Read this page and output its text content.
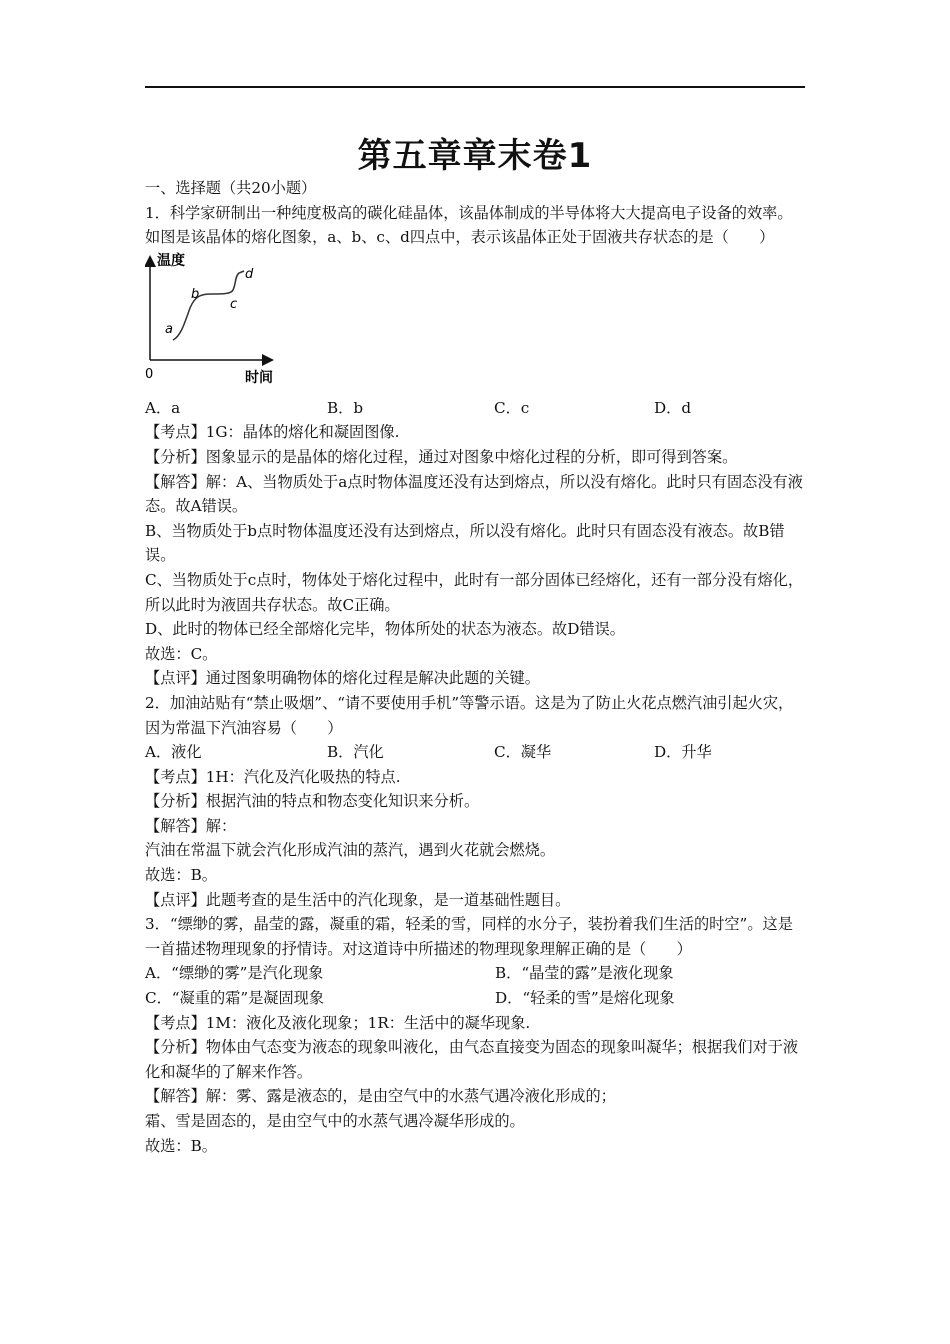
第五章章末卷1

一、选择题（共20小题）

1．科学家研制出一种纯度极高的碳化硅晶体，该晶体制成的半导体将大大提高电子设备的效率。如图是该晶体的熔化图象，a、b、c、d四点中，表示该晶体正处于固液共存状态的是（　　）

温度
时间
0
a
b
c
d
A．a	B．b	C．c	D．d

【考点】1G：晶体的熔化和凝固图像.

【分析】图象显示的是晶体的熔化过程，通过对图象中熔化过程的分析，即可得到答案。

【解答】解：A、当物质处于a点时物体温度还没有达到熔点，所以没有熔化。此时只有固态没有液态。故A错误。

B、当物质处于b点时物体温度还没有达到熔点，所以没有熔化。此时只有固态没有液态。故B错误。

C、当物质处于c点时，物体处于熔化过程中，此时有一部分固体已经熔化，还有一部分没有熔化，所以此时为液固共存状态。故C正确。

D、此时的物体已经全部熔化完毕，物体所处的状态为液态。故D错误。

故选：C。

【点评】通过图象明确物体的熔化过程是解决此题的关键。

2．加油站贴有“禁止吸烟”、“请不要使用手机”等警示语。这是为了防止火花点燃汽油引起火灾，因为常温下汽油容易（　　）

A．液化	B．汽化	C．凝华	D．升华

【考点】1H：汽化及汽化吸热的特点.

【分析】根据汽油的特点和物态变化知识来分析。

【解答】解：

汽油在常温下就会汽化形成汽油的蒸汽，遇到火花就会燃烧。

故选：B。

【点评】此题考查的是生活中的汽化现象，是一道基础性题目。

3．“缥缈的雾，晶莹的露，凝重的霜，轻柔的雪，同样的水分子，装扮着我们生活的时空”。这是一首描述物理现象的抒情诗。对这道诗中所描述的物理现象理解正确的是（　　）

A．“缥缈的雾”是汽化现象	B．“晶莹的露”是液化现象
C．“凝重的霜”是凝固现象	D．“轻柔的雪”是熔化现象

【考点】1M：液化及液化现象；1R：生活中的凝华现象.

【分析】物体由气态变为液态的现象叫液化，由气态直接变为固态的现象叫凝华；根据我们对于液化和凝华的了解来作答。

【解答】解：雾、露是液态的，是由空气中的水蒸气遇冷液化形成的；

霜、雪是固态的，是由空气中的水蒸气遇冷凝华形成的。

故选：B。
